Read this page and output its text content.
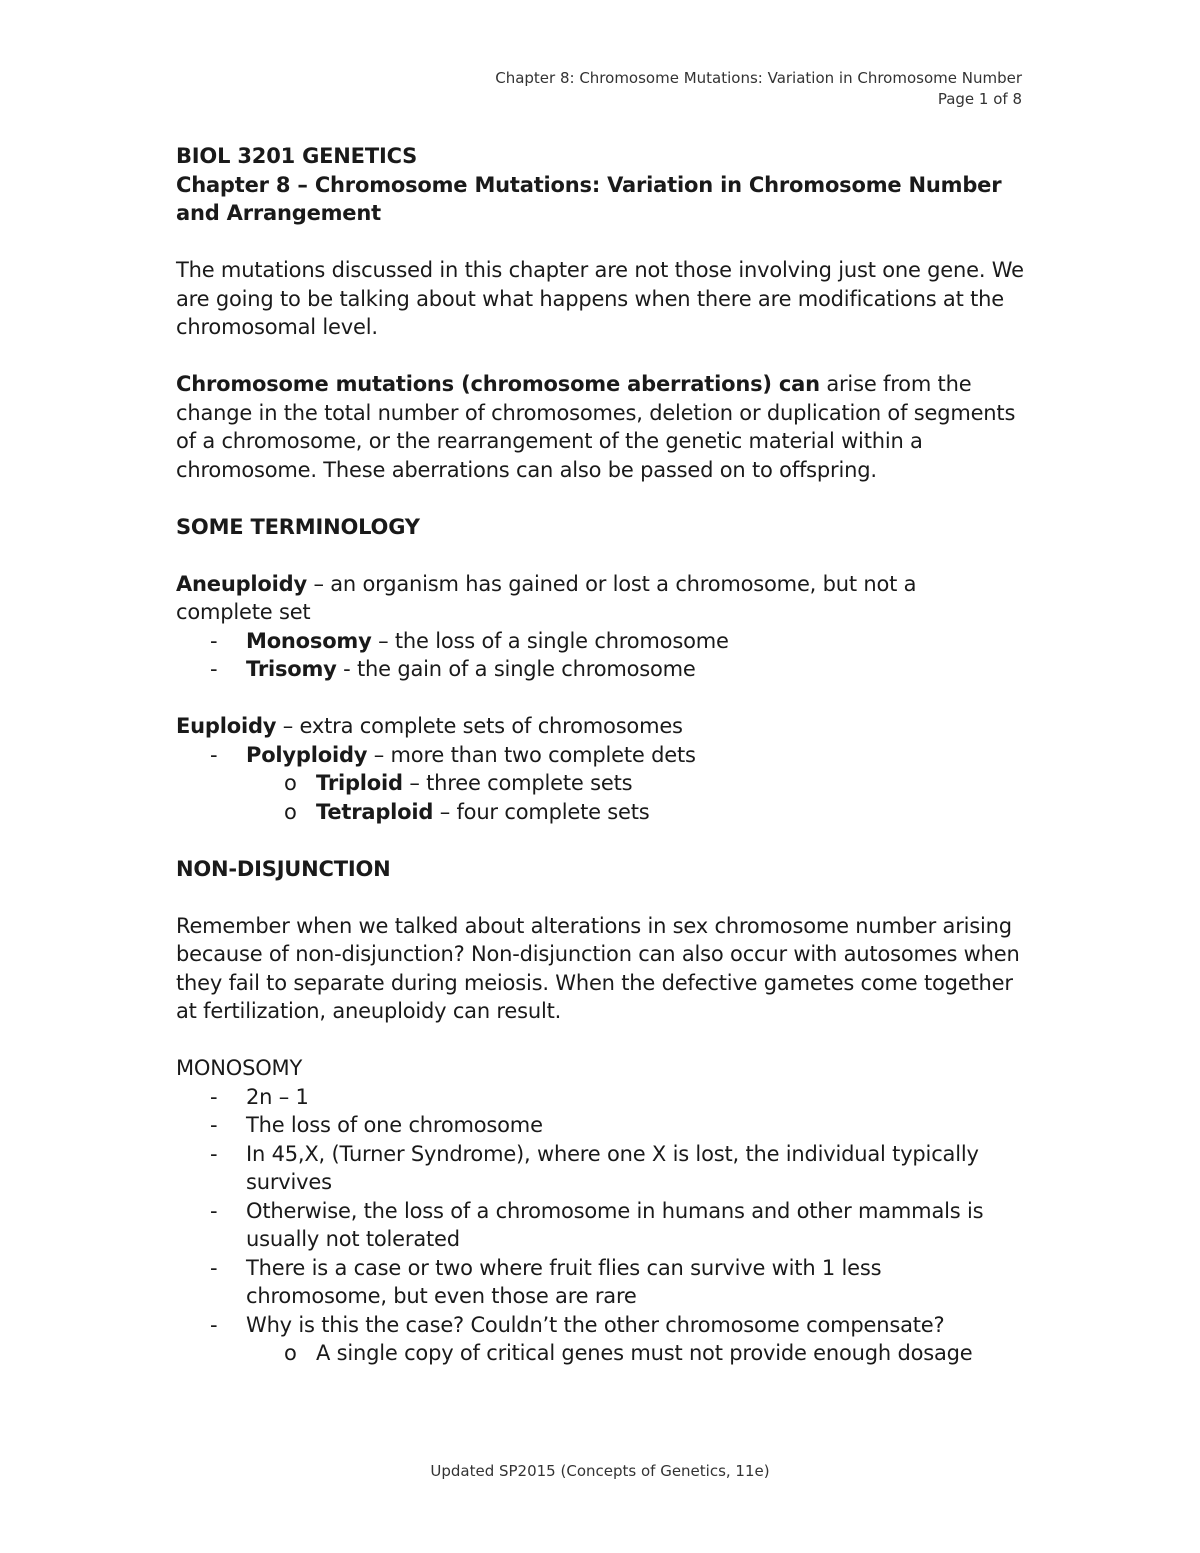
Chapter 8: Chromosome Mutations: Variation in Chromosome Number
Page 1 of 8

BIOL 3201 GENETICS

Chapter 8 – Chromosome Mutations: Variation in Chromosome Number and Arrangement

The mutations discussed in this chapter are not those involving just one gene. We are going to be talking about what happens when there are modifications at the chromosomal level.

Chromosome mutations (chromosome aberrations) can arise from the change in the total number of chromosomes, deletion or duplication of segments of a chromosome, or the rearrangement of the genetic material within a chromosome. These aberrations can also be passed on to offspring.

SOME TERMINOLOGY

Aneuploidy – an organism has gained or lost a chromosome, but not a complete set

- Monosomy – the loss of a single chromosome
- Trisomy - the gain of a single chromosome

Euploidy – extra complete sets of chromosomes

- Polyploidy – more than two complete dets
o Triploid – three complete sets
o Tetraploid – four complete sets

NON-DISJUNCTION

Remember when we talked about alterations in sex chromosome number arising because of non-disjunction? Non-disjunction can also occur with autosomes when they fail to separate during meiosis. When the defective gametes come together at fertilization, aneuploidy can result.

MONOSOMY

- 2n – 1
- The loss of one chromosome
- In 45,X, (Turner Syndrome), where one X is lost, the individual typically survives
- Otherwise, the loss of a chromosome in humans and other mammals is usually not tolerated
- There is a case or two where fruit flies can survive with 1 less chromosome, but even those are rare
- Why is this the case? Couldn’t the other chromosome compensate?
o A single copy of critical genes must not provide enough dosage
Updated SP2015 (Concepts of Genetics, 11e)
